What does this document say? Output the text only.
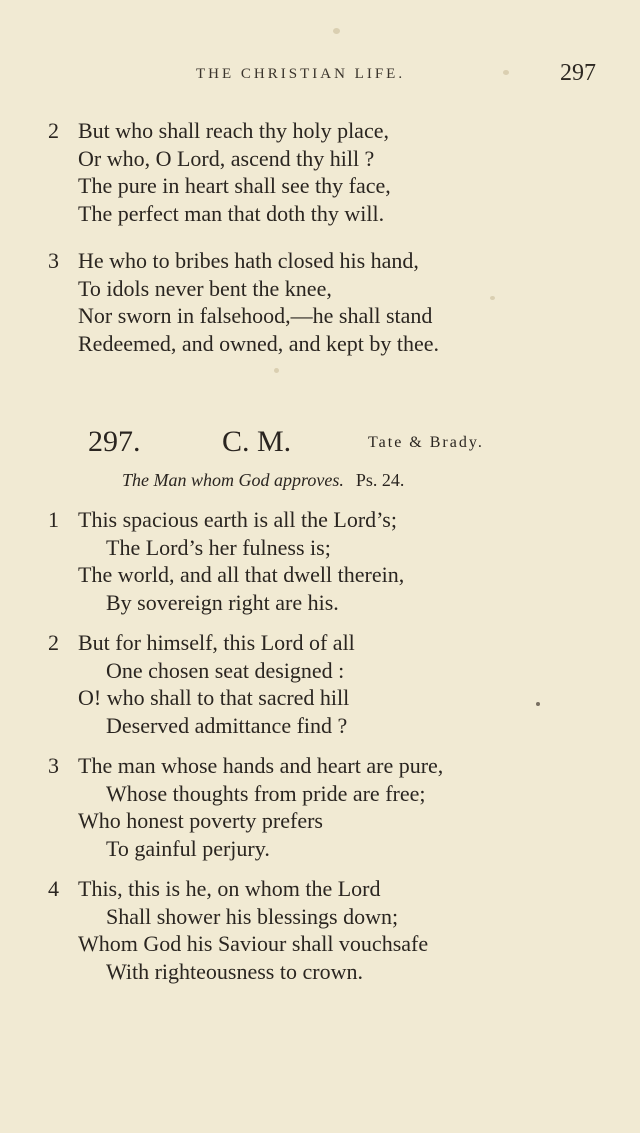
THE CHRISTIAN LIFE.	297
2 But who shall reach thy holy place,
Or who, O Lord, ascend thy hill ?
The pure in heart shall see thy face,
The perfect man that doth thy will.
3 He who to bribes hath closed his hand,
To idols never bent the knee,
Nor sworn in falsehood,—he shall stand
Redeemed, and owned, and kept by thee.
297.	C. M.	Tate & Brady.
The Man whom God approves. Ps. 24.
1 This spacious earth is all the Lord’s;
The Lord’s her fulness is;
The world, and all that dwell therein,
By sovereign right are his.
2 But for himself, this Lord of all
One chosen seat designed :
O! who shall to that sacred hill
Deserved admittance find ?
3 The man whose hands and heart are pure,
Whose thoughts from pride are free;
Who honest poverty prefers
To gainful perjury.
4 This, this is he, on whom the Lord
Shall shower his blessings down;
Whom God his Saviour shall vouchsafe
With righteousness to crown.
